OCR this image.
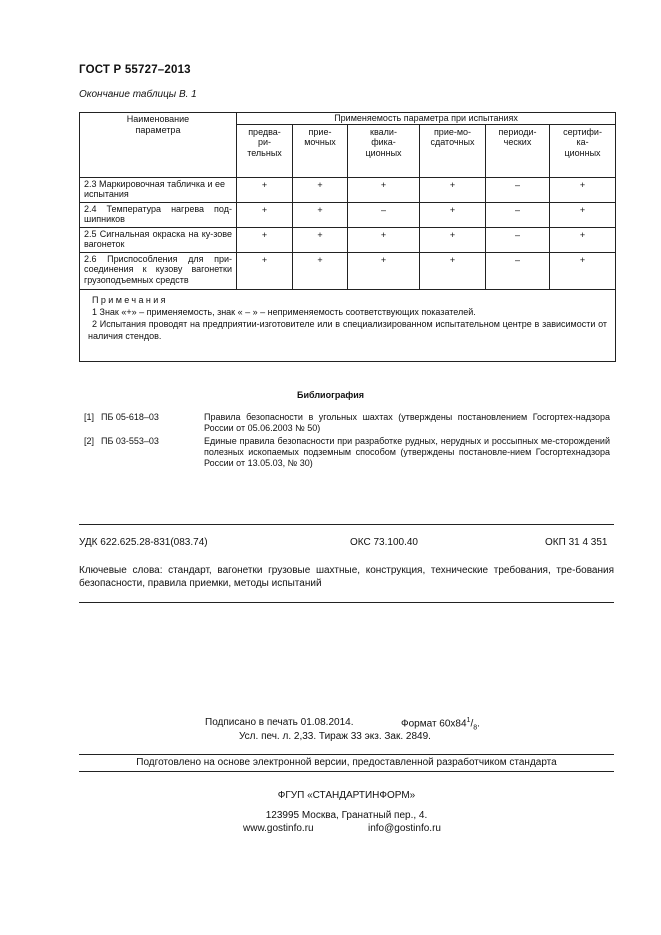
ГОСТ Р 55727–2013
Окончание таблицы В. 1
Наименование параметра	Применяемость параметра при испытаниях					

	предва-ри-тельных	прие-мочных	квали-фика-ционных	прие-мо-сдаточных	периоди-ческих	сертифи-ка-ционных

2.3 Маркировочная табличка и ее испытания	+	+	+	+	–	+
2.4 Температура нагрева под-шипников	+	+	–	+	–	+
2.5 Сигнальная окраска на ку-зове вагонеток	+	+	+	+	–	+
2.6 Приспособления для при-соединения к кузову вагонетки грузоподъемных средств	+	+	+	+	–	+

Примечания
1 Знак «+» – применяемость, знак « – » – неприменяемость соответствующих показателей.
2 Испытания проводят на предприятии-изготовителе или в специализированном испытательном центре в зависимости от наличия стендов.						
Библиография
[1] ПБ 05-618–03	Правила безопасности в угольных шахтах (утверждены постановлением Госгортех-надзора России от 05.06.2003 № 50)
[2] ПБ 03-553–03	Единые правила безопасности при разработке рудных, нерудных и россыпных ме-сторождений полезных ископаемых подземным способом (утверждены постановле-нием Госгортехнадзора России от 13.05.03, № 30)
УДК 622.625.28-831(083.74)	ОКС 73.100.40	ОКП 31 4 351
Ключевые слова: стандарт, вагонетки грузовые шахтные, конструкция, технические требования, тре-бования безопасности, правила приемки, методы испытаний
Подписано в печать 01.08.2014.	Формат $60x84^1/_8$.
Усл. печ. л. 2,33. Тираж 33 экз. Зак. 2849.
Подготовлено на основе электронной версии, предоставленной разработчиком стандарта
ФГУП «СТАНДАРТИНФОРМ»
123995 Москва, Гранатный пер., 4.
www.gostinfo.ru	info@gostinfo.ru
